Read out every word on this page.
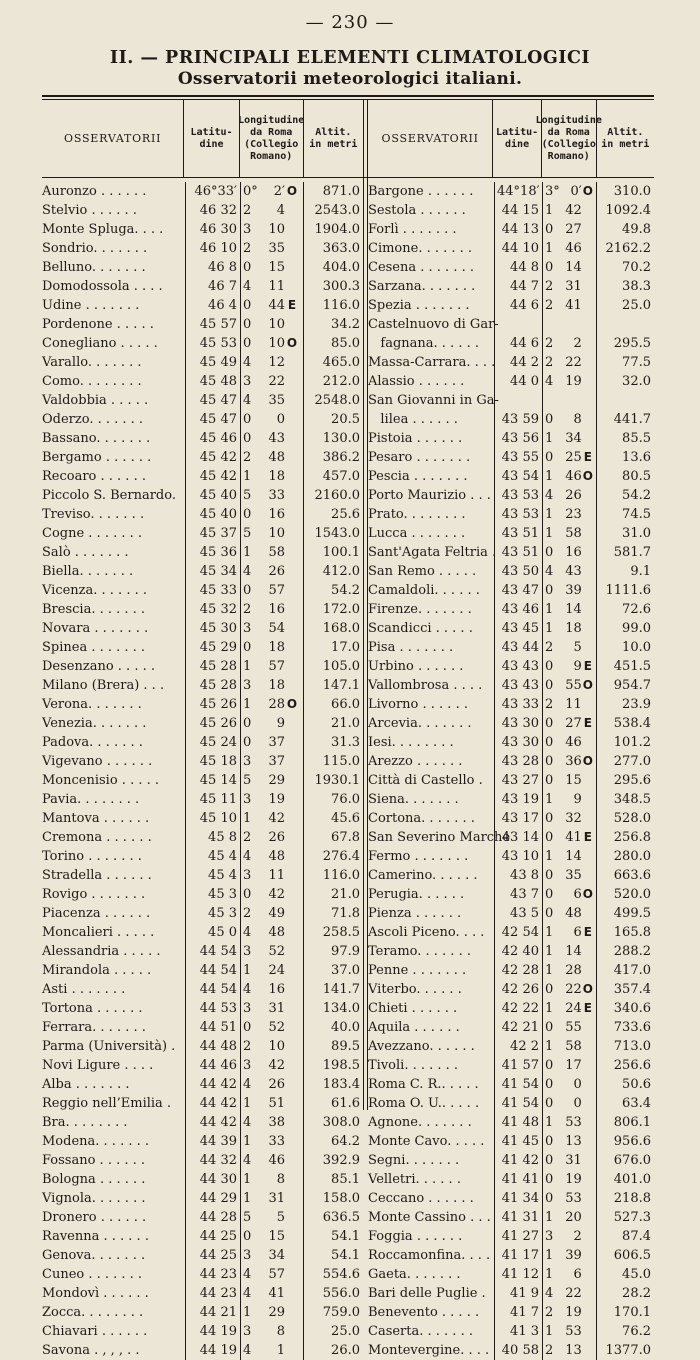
— 230 —
II. — PRINCIPALI ELEMENTI CLIMATOLOGICI
Osservatorii meteorologici italiani.
OSSERVATORII	Latitu-
dine
Longitudine
da Roma
(Collegio
Romano)
Altit.
in metri
Auronzo . . . . . .	46°33′ 0°	2′ O	871.0
Stelvio . . . . . .	46 32 2	4	2543.0
Monte Spluga. . . .	46 30 3	10	1904.0
Sondrio. . . . . . .	46 10 2	35	363.0
Belluno. . . . . . .	46 8 0	15	404.0
Domodossola . . . .	46 7 4	11	300.3
Udine . . . . . . .	46 4 0	44 E	116.0
Pordenone . . . . .	45 57 0	10	34.2
Conegliano . . . . .	45 53 0	10 O	85.0
Varallo. . . . . . .	45 49 4	12	465.0
Como. . . . . . . .	45 48 3	22	212.0
Valdobbia . . . . .	45 47 4	35	2548.0
Oderzo. . . . . . .	45 47 0	0	20.5
Bassano. . . . . . .	45 46 0	43	130.0
Bergamo . . . . . .	45 42 2	48	386.2
Recoaro . . . . . .	45 42 1	18	457.0
Piccolo S. Bernardo.	45 40 5	33	2160.0
Treviso. . . . . . .	45 40 0	16	25.6
Cogne . . . . . . .	45 37 5	10	1543.0
Salò . . . . . . .	45 36 1	58	100.1
Biella. . . . . . .	45 34 4	26	412.0
Vicenza. . . . . . .	45 33 0	57	54.2
Brescia. . . . . . .	45 32 2	16	172.0
Novara . . . . . . .	45 30 3	54	168.0
Spinea . . . . . . .	45 29 0	18	17.0
Desenzano . . . . .	45 28 1	57	105.0
Milano (Brera) . . .	45 28 3	18	147.1
Verona. . . . . . .	45 26 1	28 O	66.0
Venezia. . . . . . .	45 26 0	9	21.0
Padova. . . . . . .	45 24 0	37	31.3
Vigevano . . . . . .	45 18 3	37	115.0
Moncenisio . . . . .	45 14 5	29	1930.1
Pavia. . . . . . . .	45 11 3	19	76.0
Mantova . . . . . .	45 10 1	42	45.6
Cremona . . . . . .	45 8 2	26	67.8
Torino . . . . . . .	45 4 4	48	276.4
Stradella . . . . . .	45 4 3	11	116.0
Rovigo . . . . . . .	45 3 0	42	21.0
Piacenza . . . . . .	45 3 2	49	71.8
Moncalieri . . . . .	45 0 4	48	258.5
Alessandria . . . . .	44 54 3	52	97.9
Mirandola . . . . .	44 54 1	24	37.0
Asti . . . . . . .	44 54 4	16	141.7
Tortona . . . . . .	44 53 3	31	134.0
Ferrara. . . . . . .	44 51 0	52	40.0
Parma (Università) .	44 48 2	10	89.5
Novi Ligure . . . .	44 46 3	42	198.5
Alba . . . . . . .	44 42 4	26	183.4
Reggio nell’Emilia .	44 42 1	51	61.6
Bra. . . . . . . .	44 42 4	38	308.0
Modena. . . . . . .	44 39 1	33	64.2
Fossano . . . . . .	44 32 4	46	392.9
Bologna . . . . . .	44 30 1	8	85.1
Vignola. . . . . . .	44 29 1	31	158.0
Dronero . . . . . .	44 28 5	5	636.5
Ravenna . . . . . .	44 25 0	15	54.1
Genova. . . . . . .	44 25 3	34	54.1
Cuneo . . . . . . .	44 23 4	57	554.6
Mondovì . . . . . .	44 23 4	41	556.0
Zocca. . . . . . . .	44 21 1	29	759.0
Chiavari . . . . . .	44 19 3	8	25.0
Savona . , , , . .	44 19 4	1	26.0
OSSERVATORII	Latitu-
dine
Longitudine
da Roma
(Collegio
Romano)
Altit.
in metri
Bargone . . . . . .	44°18′ 3° 0′ O	310.0
Sestola . . . . . .	44 15 1 42	1092.4
Forlì . . . . . . .	44 13 0 27	49.8
Cimone. . . . . . .	44 10 1 46	2162.2
Cesena . . . . . . .	44 8 0 14	70.2
Sarzana. . . . . . .	44 7 2 31	38.3
Spezia . . . . . . .	44 6 2 41	25.0
Castelnuovo di Gar-
fagnana. . . . . .	44 6 2	2	295.5
Massa-Carrara. . . .	44 2 2 22	77.5
Alassio . . . . . .	44 0 4 19	32.0
San Giovanni in Ga-
lilea . . . . . .	43 59 0	8	441.7
Pistoia . . . . . .	43 56 1 34	85.5
Pesaro . . . . . . .	43 55 0 25 E	13.6
Pescia . . . . . . .	43 54 1 46 O	80.5
Porto Maurizio . . . 43 53 4 26	54.2
Prato. . . . . . . .	43 53 1 23	74.5
Lucca . . . . . . .	43 51 1 58	31.0
Sant'Agata Feltria . 43 51 0 16	581.7
San Remo . . . . .	43 50 4 43	9.1
Camaldoli. . . . . .	43 47 0 39	1111.6
Firenze. . . . . . .	43 46 1 14	72.6
Scandicci . . . . .	43 45 1 18	99.0
Pisa . . . . . . .	43 44 2	5	10.0
Urbino . . . . . .	43 43 0	9 E	451.5
Vallombrosa . . . .	43 43 0 55 O	954.7
Livorno . . . . . .	43 33 2 11	23.9
Arcevia. . . . . . .	43 30 0 27 E	538.4
Iesi. . . . . . . .	43 30 0 46	101.2
Arezzo . . . . . .	43 28 0 36 O	277.0
Città di Castello .	43 27 0 15	295.6
Siena. . . . . . .	43 19 1	9	348.5
Cortona. . . . . . .	43 17 0 32	528.0
San Severino Marche
43 14 0 41 E	256.8
Fermo . . . . . . .	43 10 1 14	280.0
Camerino. . . . . .	43 8 0 35	663.6
Perugia. . . . . .	43 7 0	6 O	520.0
Pienza . . . . . .	43 5 0 48	499.5
Ascoli Piceno. . . .	42 54 1	6 E	165.8
Teramo. . . . . . .	42 40 1 14	288.2
Penne . . . . . . .	42 28 1 28	417.0
Viterbo. . . . . .	42 26 0 22 O	357.4
Chieti . . . . . .	42 22 1 24 E	340.6
Aquila . . . . . .	42 21 0 55	733.6
Avezzano. . . . . .	42 2 1 58	713.0
Tivoli. . . . . . .	41 57 0 17	256.6
Roma C. R.. . . . .	41 54 0	0	50.6
Roma O. U.. . . . .	41 54 0	0	63.4
Agnone. . . . . . .	41 48 1 53	806.1
Monte Cavo. . . . .	41 45 0 13	956.6
Segni. . . . . . .	41 42 0 31	676.0
Velletri. . . . . .	41 41 0 19	401.0
Ceccano . . . . . .	41 34 0 53	218.8
Monte Cassino . . . 41 31 1 20	527.3
Foggia . . . . . .	41 27 3	2	87.4
Roccamonfina. . . . 41 17 1 39	606.5
Gaeta. . . . . . .	41 12 1	6	45.0
Bari delle Puglie .	41 9 4 22	28.2
Benevento . . . . .	41 7 2 19	170.1
Caserta. . . . . . .	41 3 1 53	76.2
Montevergine. . . . 40 58 2 13	1377.0
